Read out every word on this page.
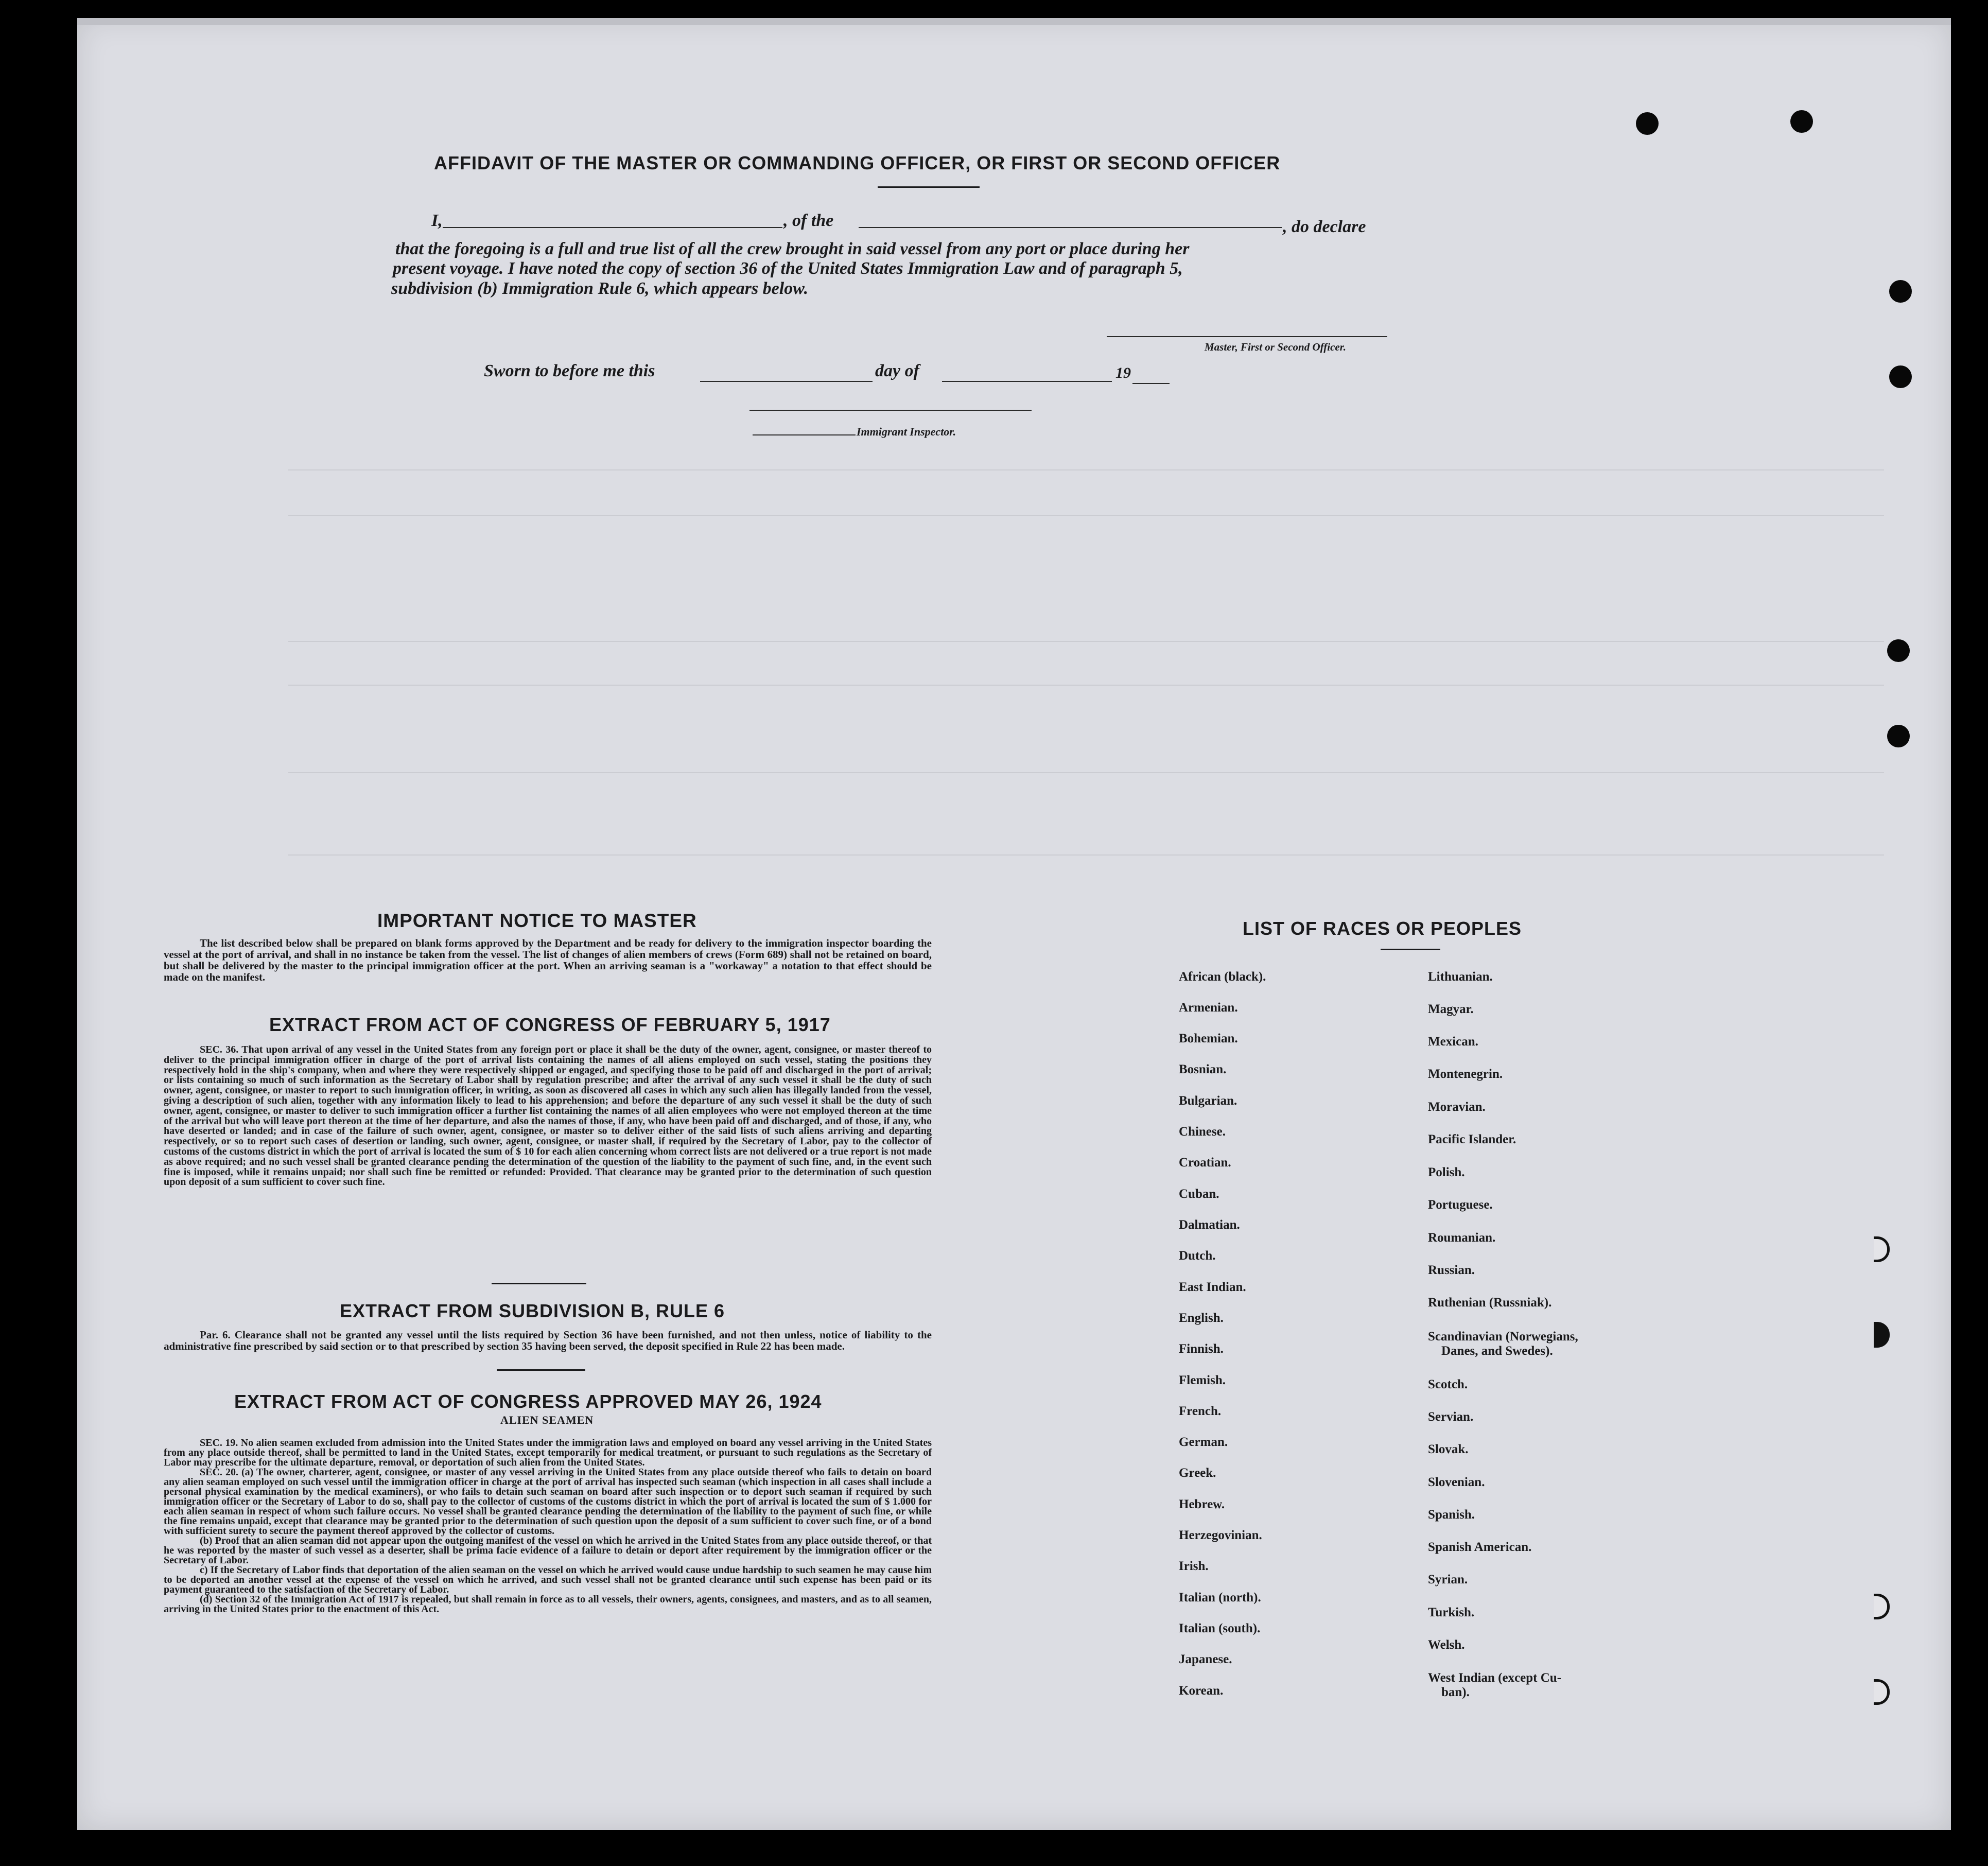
AFFIDAVIT OF THE MASTER OR COMMANDING OFFICER, OR FIRST OR SECOND OFFICER
I,	, of the	, do declare
that the foregoing is a full and true list of all the crew brought in said vessel from any port or place during her
present voyage. I have noted the copy of section 36 of the United States Immigration Law and of paragraph 5,
subdivision (b) Immigration Rule 6, which appears below.
Master, First or Second Officer.
Sworn to before me this	day of	19
Immigrant Inspector.
IMPORTANT NOTICE TO MASTER
The list described below shall be prepared on blank forms approved by the Department and be ready for delivery to the immigration inspector boarding the vessel at the port of arrival, and shall in no instance be taken from the vessel. The list of changes of alien members of crews (Form 689) shall not be retained on board, but shall be delivered by the master to the principal immigration officer at the port. When an arriving seaman is a "workaway" a notation to that effect should be made on the manifest.
EXTRACT FROM ACT OF CONGRESS OF FEBRUARY 5, 1917
SEC. 36. That upon arrival of any vessel in the United States from any foreign port or place it shall be the duty of the owner, agent, consignee, or master thereof to deliver to the principal immigration officer in charge of the port of arrival lists containing the names of all aliens employed on such vessel, stating the positions they respectively hold in the ship's company, when and where they were respectively shipped or engaged, and specifying those to be paid off and discharged in the port of arrival; or lists containing so much of such information as the Secretary of Labor shall by regulation prescribe; and after the arrival of any such vessel it shall be the duty of such owner, agent, consignee, or master to report to such immigration officer, in writing, as soon as discovered all cases in which any such alien has illegally landed from the vessel, giving a description of such alien, together with any information likely to lead to his apprehension; and before the departure of any such vessel it shall be the duty of such owner, agent, consignee, or master to deliver to such immigration officer a further list containing the names of all alien employees who were not employed thereon at the time of the arrival but who will leave port thereon at the time of her departure, and also the names of those, if any, who have been paid off and discharged, and of those, if any, who have deserted or landed; and in case of the failure of such owner, agent, consignee, or master so to deliver either of the said lists of such aliens arriving and departing respectively, or so to report such cases of desertion or landing, such owner, agent, consignee, or master shall, if required by the Secretary of Labor, pay to the collector of customs of the customs district in which the port of arrival is located the sum of $ 10 for each alien concerning whom correct lists are not delivered or a true report is not made as above required; and no such vessel shall be granted clearance pending the determination of the question of the liability to the payment of such fine, and, in the event such fine is imposed, while it remains unpaid; nor shall such fine be remitted or refunded: Provided. That clearance may be granted prior to the determination of such question upon deposit of a sum sufficient to cover such fine.
EXTRACT FROM SUBDIVISION B, RULE 6
Par. 6. Clearance shall not be granted any vessel until the lists required by Section 36 have been furnished, and not then unless, notice of liability to the administrative fine prescribed by said section or to that prescribed by section 35 having been served, the deposit specified in Rule 22 has been made.
EXTRACT FROM ACT OF CONGRESS APPROVED MAY 26, 1924
ALIEN SEAMEN

SEC. 19. No alien seamen excluded from admission into the United States under the immigration laws and employed on board any vessel arriving in the United States from any place outside thereof, shall be permitted to land in the United States, except temporarily for medical treatment, or pursuant to such regulations as the Secretary of Labor may prescribe for the ultimate departure, removal, or deportation of such alien from the United States.

SEC. 20. (a) The owner, charterer, agent, consignee, or master of any vessel arriving in the United States from any place outside thereof who fails to detain on board any alien seaman employed on such vessel until the immigration officer in charge at the port of arrival has inspected such seaman (which inspection in all cases shall include a personal physical examination by the medical examiners), or who fails to detain such seaman on board after such inspection or to deport such seaman if required by such immigration officer or the Secretary of Labor to do so, shall pay to the collector of customs of the customs district in which the port of arrival is located the sum of $ 1.000 for each alien seaman in respect of whom such failure occurs. No vessel shall be granted clearance pending the determination of the liability to the payment of such fine, or while the fine remains unpaid, except that clearance may be granted prior to the determination of such question upon the deposit of a sum sufficient to cover such fine, or of a bond with sufficient surety to secure the payment thereof approved by the collector of customs.

(b) Proof that an alien seaman did not appear upon the outgoing manifest of the vessel on which he arrived in the United States from any place outside thereof, or that he was reported by the master of such vessel as a deserter, shall be prima facie evidence of a failure to detain or deport after requirement by the immigration officer or the Secretary of Labor.

c) If the Secretary of Labor finds that deportation of the alien seaman on the vessel on which he arrived would cause undue hardship to such seamen he may cause him to be deported an another vessel at the expense of the vessel on which he arrived, and such vessel shall not be granted clearance until such expense has been paid or its payment guaranteed to the satisfaction of the Secretary of Labor.

(d) Section 32 of the Immigration Act of 1917 is repealed, but shall remain in force as to all vessels, their owners, agents, consignees, and masters, and as to all seamen, arriving in the United States prior to the enactment of this Act.

LIST OF RACES OR PEOPLES
African (black).
Armenian.
Bohemian.
Bosnian.
Bulgarian.
Chinese.
Croatian.
Cuban.
Dalmatian.
Dutch.
East Indian.
English.
Finnish.
Flemish.
French.
German.
Greek.
Hebrew.
Herzegovinian.
Irish.
Italian (north).
Italian (south).
Japanese.
Korean.
Lithuanian.
Magyar.
Mexican.
Montenegrin.
Moravian.
Pacific Islander.
Polish.
Portuguese.
Roumanian.
Russian.
Ruthenian (Russniak).
Scandinavian (Norwegians,
Danes, and Swedes).
Scotch.
Servian.
Slovak.
Slovenian.
Spanish.
Spanish American.
Syrian.
Turkish.
Welsh.
West Indian (except Cu-
ban).
